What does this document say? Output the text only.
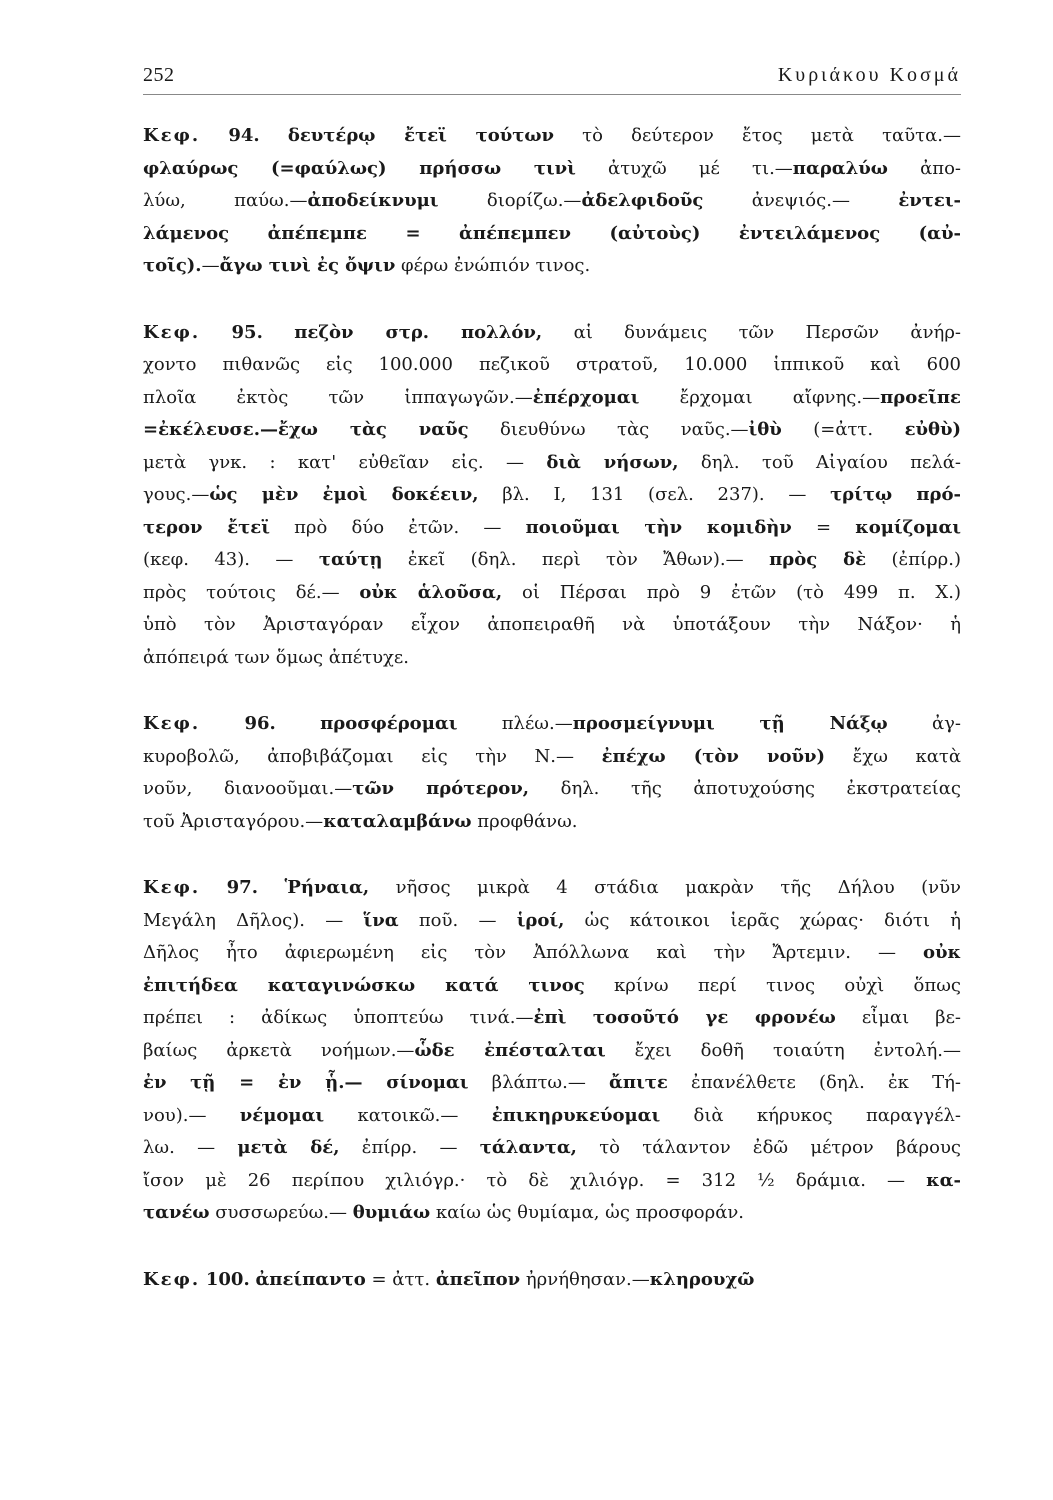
252	Κυριάκου Κοσμά
Κεφ. 94. δευτέρῳ ἔτεϊ τούτων τὸ δεύτερον ἔτος μετὰ ταῦτα.—
φλαύρως (=φαύλως) πρήσσω τινὶ ἀτυχῶ μέ τι.—παραλύω ἀπο-
λύω, παύω.—ἀποδείκνυμι διορίζω.—ἀδελφιδοῦς ἀνεψιός.— ἐντει-
λάμενος ἀπέπεμπε = ἀπέπεμπεν (αὐτοὺς) ἐντειλάμενος (αὐ-
τοῖς).—ἄγω τινὶ ἐς ὄψιν φέρω ἐνώπιόν τινος.
Κεφ. 95. πεζὸν στρ. πολλόν, αἱ δυνάμεις τῶν Περσῶν ἀνήρ-
χοντο πιθανῶς εἰς 100.000 πεζικοῦ στρατοῦ, 10.000 ἱππικοῦ καὶ 600
πλοῖα ἐκτὸς τῶν ἱππαγωγῶν.—ἐπέρχομαι ἔρχομαι αἴφνης.—προεῖπε
=ἐκέλευσε.—ἔχω τὰς ναῦς διευθύνω τὰς ναῦς.—ἰθὺ (=ἀττ. εὐθὺ)
μετὰ γνκ. : κατ' εὐθεῖαν εἰς. — διὰ νήσων, δηλ. τοῦ Αἰγαίου πελά-
γους.—ὡς μὲν ἐμοὶ δοκέειν, βλ. I, 131 (σελ. 237). — τρίτῳ πρό-
τερον ἔτεϊ πρὸ δύο ἐτῶν. — ποιοῦμαι τὴν κομιδὴν = κομίζομαι
(κεφ. 43). — ταύτῃ ἐκεῖ (δηλ. περὶ τὸν Ἄθων).— πρὸς δὲ (ἐπίρρ.)
πρὸς τούτοις δέ.— οὐκ ἁλοῦσα, οἱ Πέρσαι πρὸ 9 ἐτῶν (τὸ 499 π. Χ.)
ὑπὸ τὸν Ἀρισταγόραν εἶχον ἀποπειραθῆ νὰ ὑποτάξουν τὴν Νάξον· ἡ
ἀπόπειρά των ὅμως ἀπέτυχε.
Κεφ. 96. προσφέρομαι πλέω.—προσμείγνυμι τῇ Νάξῳ ἀγ-
κυροβολῶ, ἀποβιβάζομαι εἰς τὴν Ν.— ἐπέχω (τὸν νοῦν) ἔχω κατὰ
νοῦν, διανοοῦμαι.—τῶν πρότερον, δηλ. τῆς ἀποτυχούσης ἐκστρατείας
τοῦ Ἀρισταγόρου.—καταλαμβάνω προφθάνω.
Κεφ. 97. Ῥήναια, νῆσος μικρὰ 4 στάδια μακρὰν τῆς Δήλου (νῦν
Μεγάλη Δῆλος). — ἵνα ποῦ. — ἱροί, ὡς κάτοικοι ἱερᾶς χώρας· διότι ἡ
Δῆλος ἦτο ἀφιερωμένη εἰς τὸν Ἀπόλλωνα καὶ τὴν Ἄρτεμιν. — οὐκ
ἐπιτήδεα καταγινώσκω κατά τινος κρίνω περί τινος οὐχὶ ὅπως
πρέπει : ἀδίκως ὑποπτεύω τινά.—ἐπὶ τοσοῦτό γε φρονέω εἶμαι βε-
βαίως ἀρκετὰ νοήμων.—ὧδε ἐπέσταλται ἔχει δοθῆ τοιαύτη ἐντολή.—
ἐν τῇ = ἐν ᾗ.— σίνομαι βλάπτω.— ἄπιτε ἐπανέλθετε (δηλ. ἐκ Τή-
νου).— νέμομαι κατοικῶ.— ἐπικηρυκεύομαι διὰ κήρυκος παραγγέλ-
λω. — μετὰ δέ, ἐπίρρ. — τάλαντα, τὸ τάλαντον ἐδῶ μέτρον βάρους
ἴσον μὲ 26 περίπου χιλιόγρ.· τὸ δὲ χιλιόγρ. = 312 ½ δράμια. — κα-
τανέω συσσωρεύω.— θυμιάω καίω ὡς θυμίαμα, ὡς προσφοράν.
Κεφ. 100. ἀπείπαντο = ἀττ. ἀπεῖπον ἠρνήθησαν.—κληρουχῶ
